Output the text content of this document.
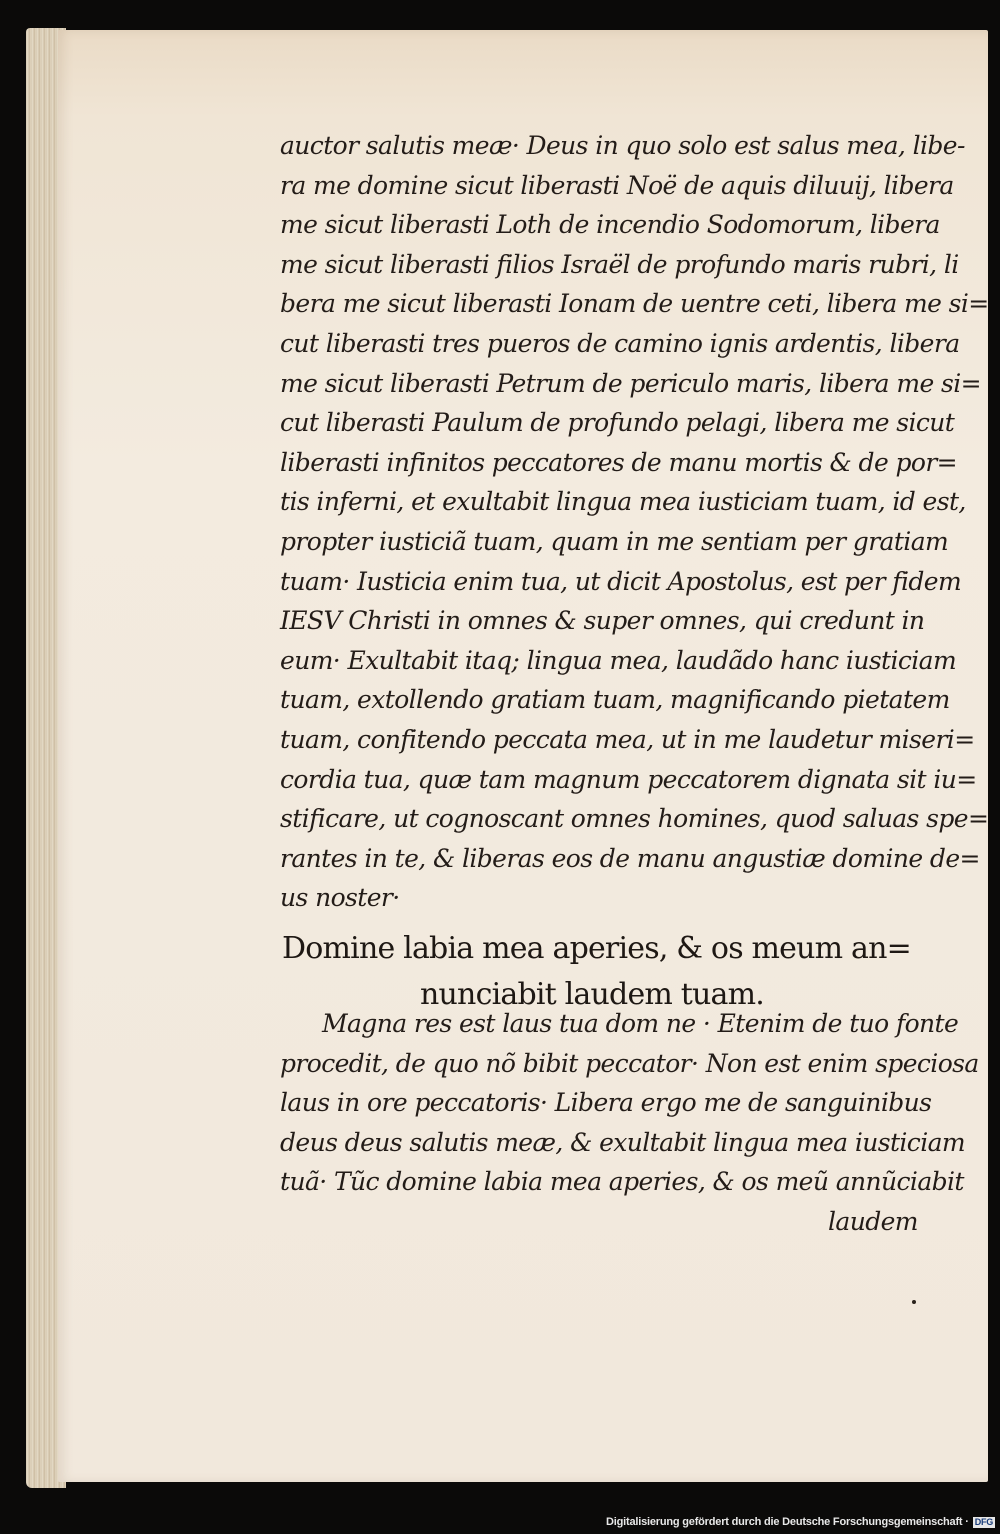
auctor salutis meæ· Deus in quo solo est salus mea, libe-
ra me domine sicut liberasti Noë de aquis diluuij, libera
me sicut liberasti Loth de incendio Sodomorum, libera
me sicut liberasti filios Israël de profundo maris rubri, li
bera me sicut liberasti Ionam de uentre ceti, libera me si=
cut liberasti tres pueros de camino ignis ardentis, libera
me sicut liberasti Petrum de periculo maris, libera me si=
cut liberasti Paulum de profundo pelagi, libera me sicut
liberasti infinitos peccatores de manu mortis & de por=
tis inferni, et exultabit lingua mea iusticiam tuam, id est,
propter iusticiã tuam, quam in me sentiam per gratiam
tuam· Iusticia enim tua, ut dicit Apostolus, est per fidem
IESV Christi in omnes & super omnes, qui credunt in
eum· Exultabit itaq; lingua mea, laudãdo hanc iusticiam
tuam, extollendo gratiam tuam, magnificando pietatem
tuam, confitendo peccata mea, ut in me laudetur miseri=
cordia tua, quæ tam magnum peccatorem dignata sit iu=
stificare, ut cognoscant omnes homines, quod saluas spe=
rantes in te, & liberas eos de manu angustiæ domine de=
us noster·
Domine labia mea aperies, & os meum an=
nunciabit laudem tuam.
Magna res est laus tua dom ne · Etenim de tuo fonte
procedit, de quo nõ bibit peccator· Non est enim speciosa
laus in ore peccatoris· Libera ergo me de sanguinibus
deus deus salutis meæ, & exultabit lingua mea iusticiam
tuã· Tũc domine labia mea aperies, & os meũ annũciabit
laudem
Digitalisierung gefördert durch die Deutsche Forschungsgemeinschaft · DFG
